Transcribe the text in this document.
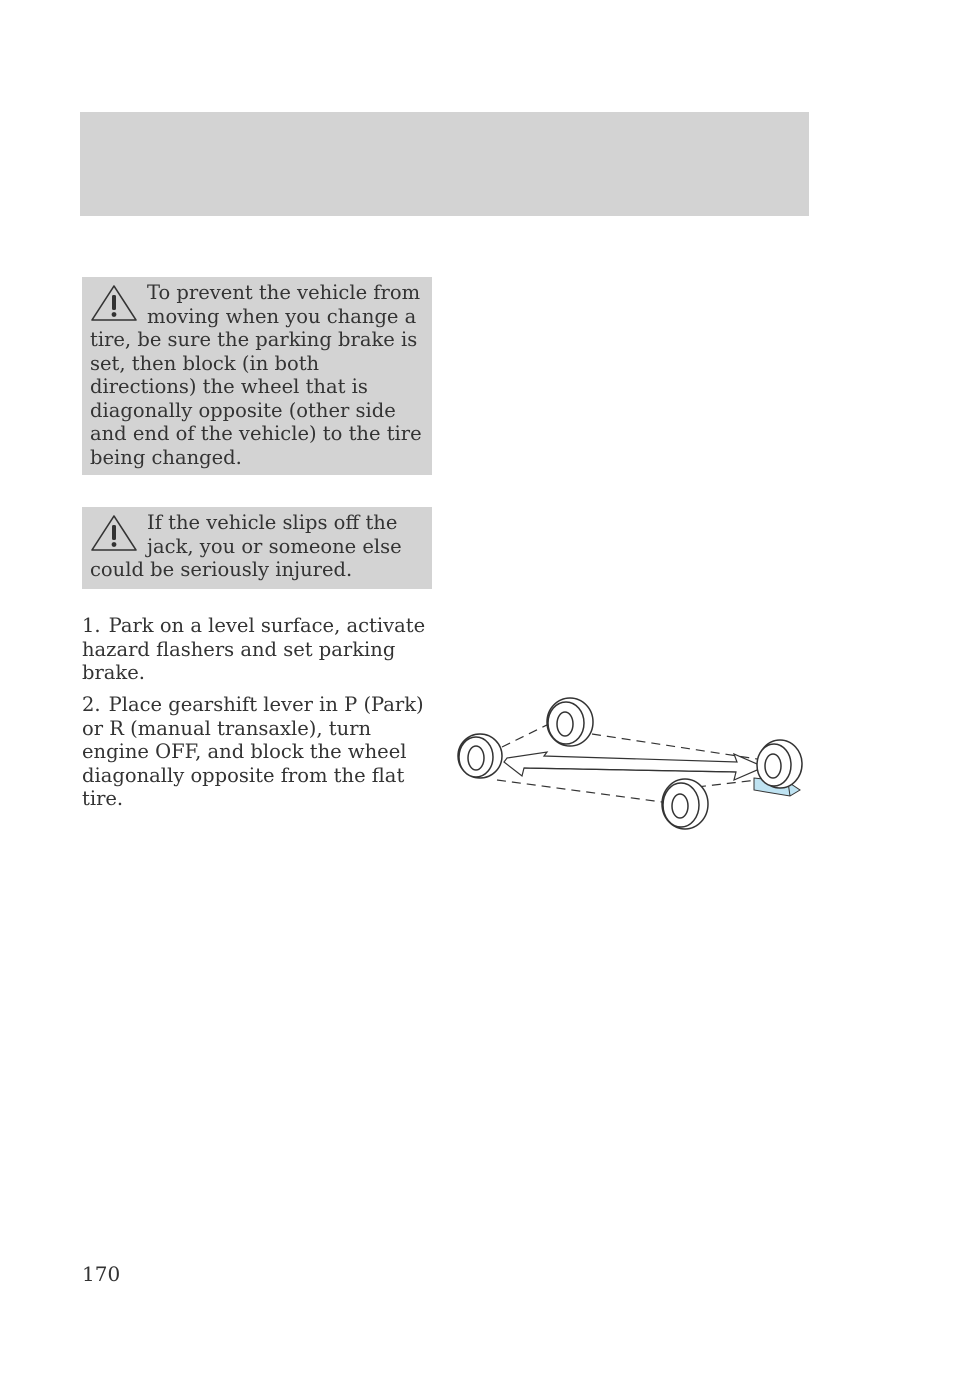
To prevent the vehicle from moving when you change a tire, be sure the parking brake is set, then block (in both directions) the wheel that is diagonally opposite (other side and end of the vehicle) to the tire being changed.
If the vehicle slips off the jack, you or someone else could be seriously injured.

1. Park on a level surface, activate hazard flashers and set parking brake.

2. Place gearshift lever in P (Park) or R (manual transaxle), turn engine OFF, and block the wheel diagonally opposite from the flat tire.

170
